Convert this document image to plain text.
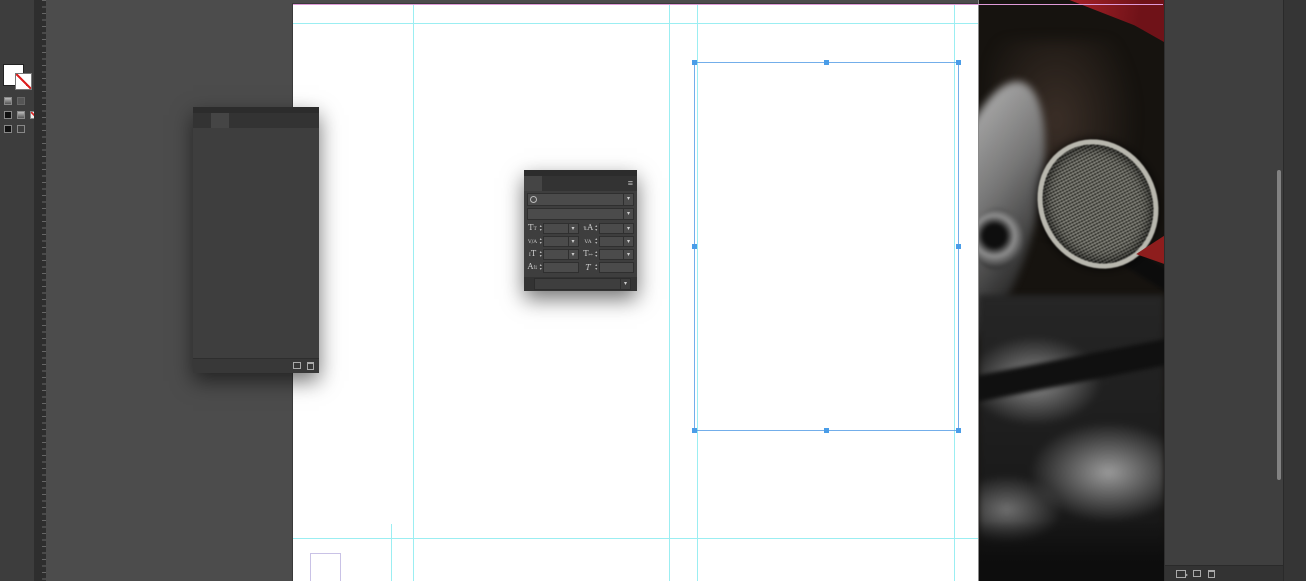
≡
▾
▾
TT ▲
▼	▾	⇅A ▲
▼	▾
V∕A ▲
▼	▾	VA ▲
▼	▾
IT ▲
▼	▾	T↦ ▲
▼	▾
A⇅ ▲
▼	T	▲
▼
▾
